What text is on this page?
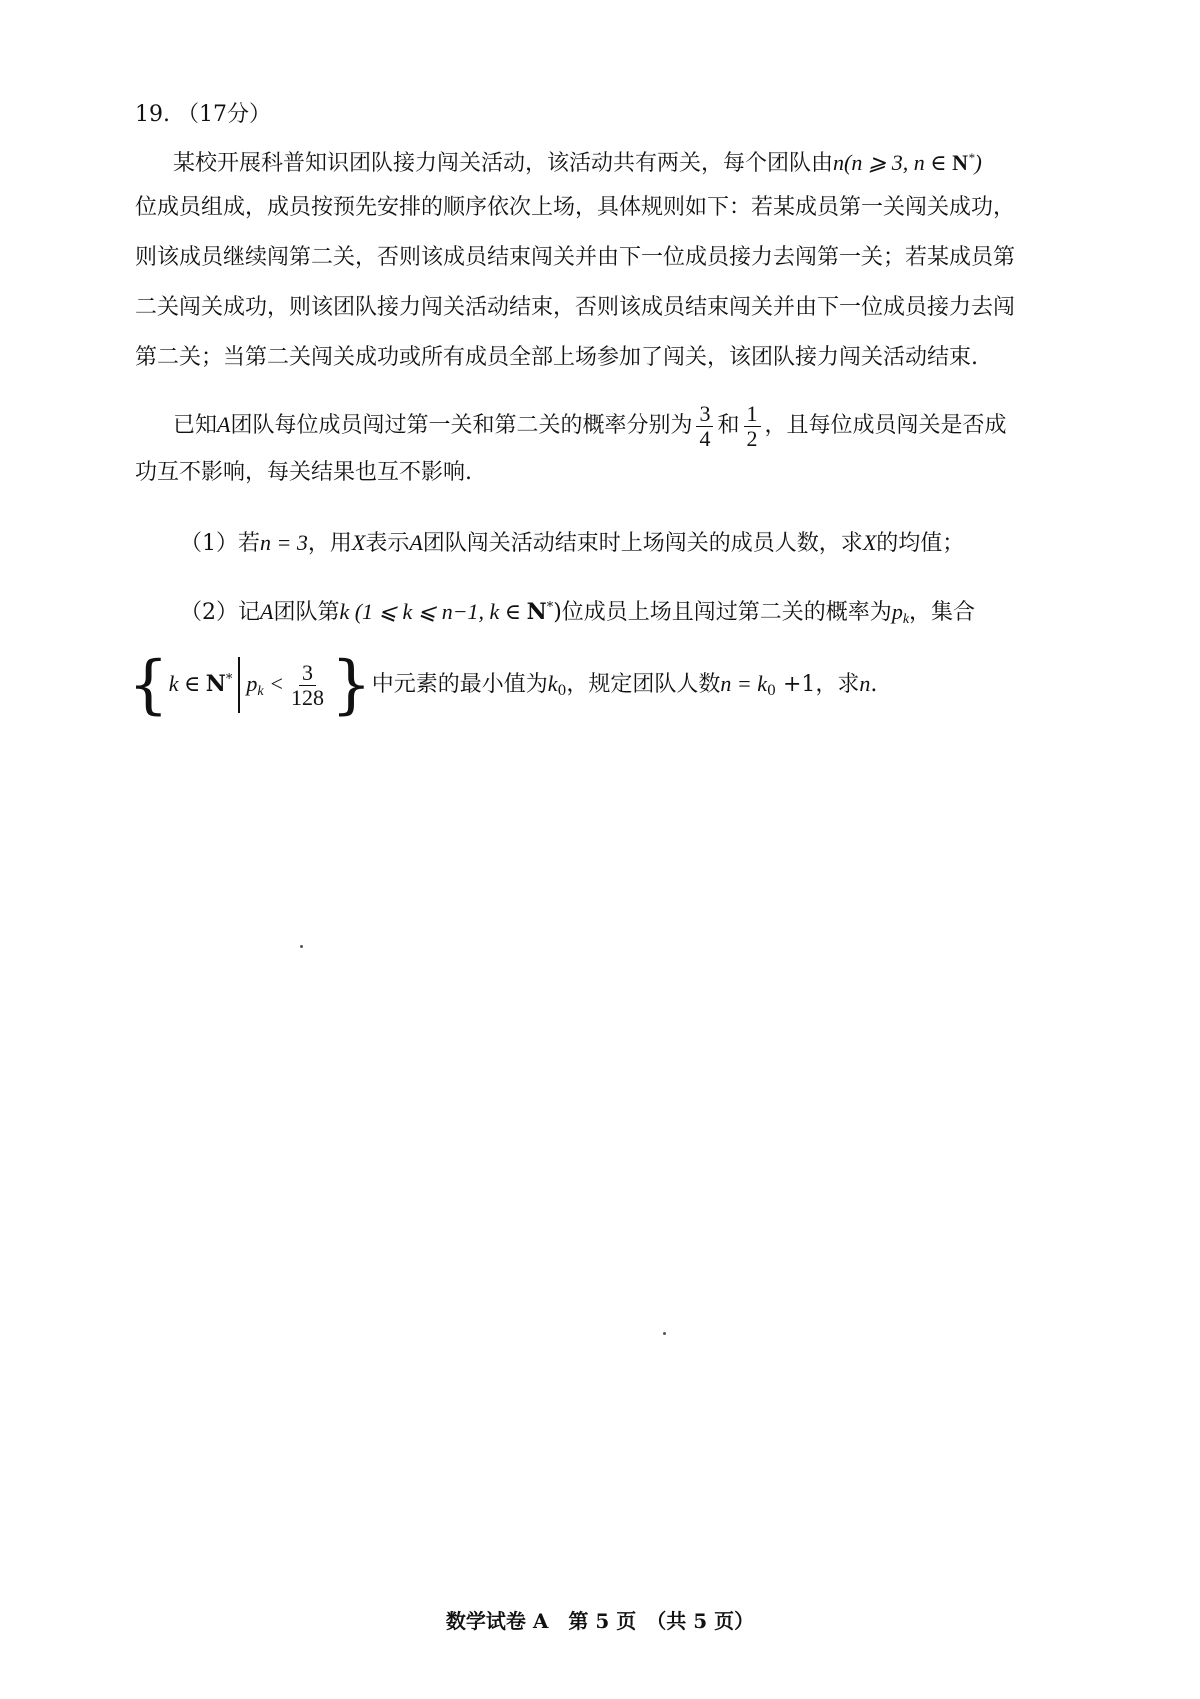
19. （17分）
某校开展科普知识团队接力闯关活动，该活动共有两关，每个团队由n(n ⩾ 3, n ∈ N*)
位成员组成，成员按预先安排的顺序依次上场，具体规则如下：若某成员第一关闯关成功，
则该成员继续闯第二关，否则该成员结束闯关并由下一位成员接力去闯第一关；若某成员第
二关闯关成功，则该团队接力闯关活动结束，否则该成员结束闯关并由下一位成员接力去闯
第二关；当第二关闯关成功或所有成员全部上场参加了闯关，该团队接力闯关活动结束.
已知A团队每位成员闯过第一关和第二关的概率分别为 $\frac{3}{4}$ 和 $\frac{1}{2}$ ，且每位成员闯关是否成
功互不影响，每关结果也互不影响.
（1）若n = 3，用X表示A团队闯关活动结束时上场闯关的成员人数，求X的均值；
（2）记A团队第k (1 ⩽ k ⩽ n−1, k ∈ N*)位成员上场且闯过第二关的概率为$p_k$，集合
{k ∈ N* $p_k < \frac{3}{128}$ }中元素的最小值为$k_0$，规定团队人数$n = k_0 +1$，求n.
数学试卷 A　第 5 页　（共 5 页）
